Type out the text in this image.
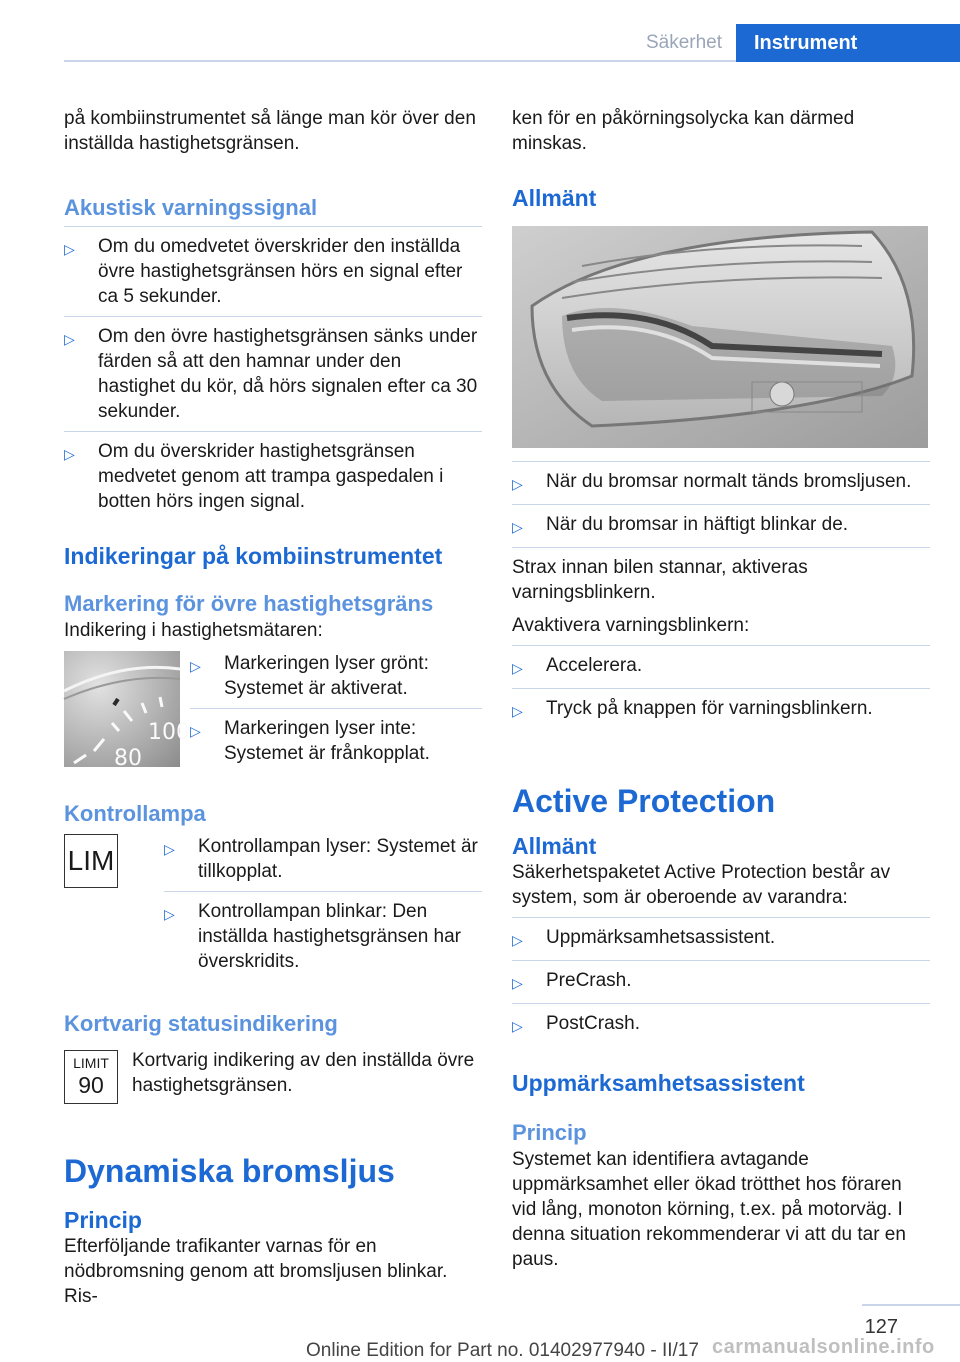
Säkerhet	Instrument

på kombiinstrumentet så länge man kör över den inställda hastighetsgränsen.

Akustisk varningssignal
▷	Om du omedvetet överskrider den inställda övre hastighetsgränsen hörs en signal efter ca 5 sekunder.
▷	Om den övre hastighetsgränsen sänks under färden så att den hamnar under den hastighet du kör, då hörs signalen efter ca 30 sekunder.
▷	Om du överskrider hastighetsgränsen medvetet genom att trampa gaspedalen i botten hörs ingen signal.
Indikeringar på kombiinstrumentet
Markering för övre hastighetsgräns

Indikering i hastighetsmätaren:

100
80
▷	Markeringen lyser grönt: Systemet är aktiverat.
▷	Markeringen lyser inte: Systemet är frånkopplat.
Kontrollampa
LIM	▷	Kontrollampan lyser: Systemet är tillkopplat.
▷	Kontrollampan blinkar: Den inställda hastighetsgränsen har överskridits.
Kortvarig statusindikering
LIMIT
90

Kortvarig indikering av den inställda övre hastighetsgränsen.

Dynamiska bromsljus
Princip

Efterföljande trafikanter varnas för en nödbromsning genom att bromsljusen blinkar. Ris-

ken för en påkörningsolycka kan därmed minskas.

Allmänt
▷	När du bromsar normalt tänds bromsljusen.
▷	När du bromsar in häftigt blinkar de.

Strax innan bilen stannar, aktiveras varningsblinkern.

Avaktivera varningsblinkern:

▷	Accelerera.
▷	Tryck på knappen för varningsblinkern.
Active Protection
Allmänt

Säkerhetspaketet Active Protection består av system, som är oberoende av varandra:

▷	Uppmärksamhetsassistent.
▷	PreCrash.
▷	PostCrash.
Uppmärksamhetsassistent
Princip

Systemet kan identifiera avtagande uppmärksamhet eller ökad trötthet hos föraren vid lång, monoton körning, t.ex. på motorväg. I denna situation rekommenderar vi att du tar en paus.

127
Online Edition for Part no. 01402977940 - II/17 carmanualsonline.info
